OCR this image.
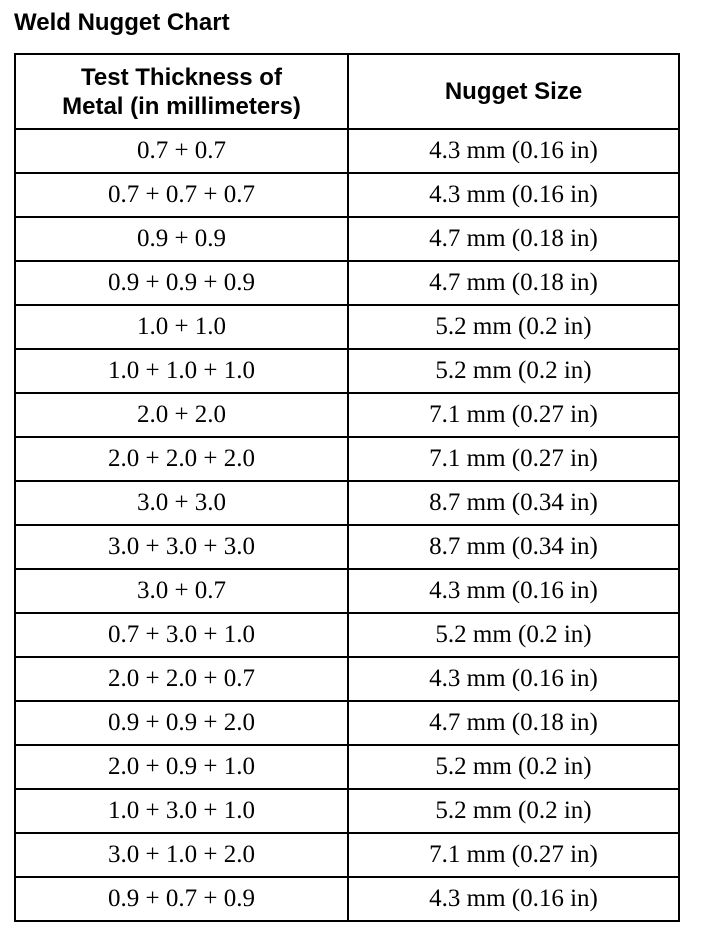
Weld Nugget Chart
Test Thickness of
Metal (in millimeters)	Nugget Size
0.7 + 0.7	4.3 mm (0.16 in)
0.7 + 0.7 + 0.7	4.3 mm (0.16 in)
0.9 + 0.9	4.7 mm (0.18 in)
0.9 + 0.9 + 0.9	4.7 mm (0.18 in)
1.0 + 1.0	5.2 mm (0.2 in)
1.0 + 1.0 + 1.0	5.2 mm (0.2 in)
2.0 + 2.0	7.1 mm (0.27 in)
2.0 + 2.0 + 2.0	7.1 mm (0.27 in)
3.0 + 3.0	8.7 mm (0.34 in)
3.0 + 3.0 + 3.0	8.7 mm (0.34 in)
3.0 + 0.7	4.3 mm (0.16 in)
0.7 + 3.0 + 1.0	5.2 mm (0.2 in)
2.0 + 2.0 + 0.7	4.3 mm (0.16 in)
0.9 + 0.9 + 2.0	4.7 mm (0.18 in)
2.0 + 0.9 + 1.0	5.2 mm (0.2 in)
1.0 + 3.0 + 1.0	5.2 mm (0.2 in)
3.0 + 1.0 + 2.0	7.1 mm (0.27 in)
0.9 + 0.7 + 0.9	4.3 mm (0.16 in)
